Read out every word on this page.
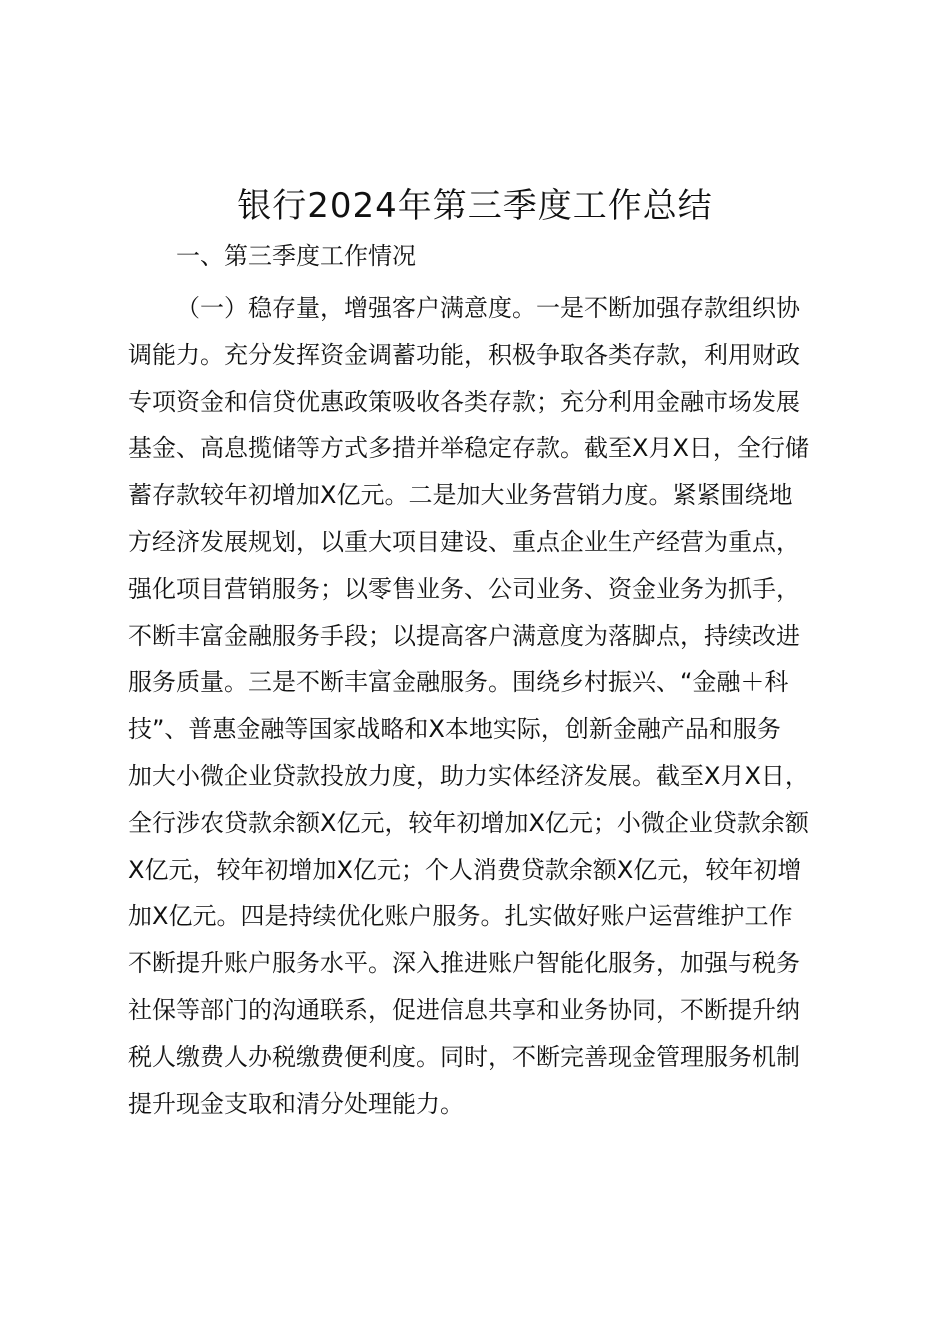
银行2024年第三季度工作总结
一、第三季度工作情况
（一）稳存量，增强客户满意度。一是不断加强存款组织协
调能力。充分发挥资金调蓄功能，积极争取各类存款，利用财政
专项资金和信贷优惠政策吸收各类存款；充分利用金融市场发展
基金、高息揽储等方式多措并举稳定存款。截至X月X日，全行储
蓄存款较年初增加X亿元。二是加大业务营销力度。紧紧围绕地
方经济发展规划，以重大项目建设、重点企业生产经营为重点，
强化项目营销服务；以零售业务、公司业务、资金业务为抓手，
不断丰富金融服务手段；以提高客户满意度为落脚点，持续改进
服务质量。三是不断丰富金融服务。围绕乡村振兴、“金融＋科
技”、普惠金融等国家战略和X本地实际，创新金融产品和服务
加大小微企业贷款投放力度，助力实体经济发展。截至X月X日，
全行涉农贷款余额X亿元，较年初增加X亿元；小微企业贷款余额
X亿元，较年初增加X亿元；个人消费贷款余额X亿元，较年初增
加X亿元。四是持续优化账户服务。扎实做好账户运营维护工作
不断提升账户服务水平。深入推进账户智能化服务，加强与税务
社保等部门的沟通联系，促进信息共享和业务协同，不断提升纳
税人缴费人办税缴费便利度。同时，不断完善现金管理服务机制
提升现金支取和清分处理能力。
